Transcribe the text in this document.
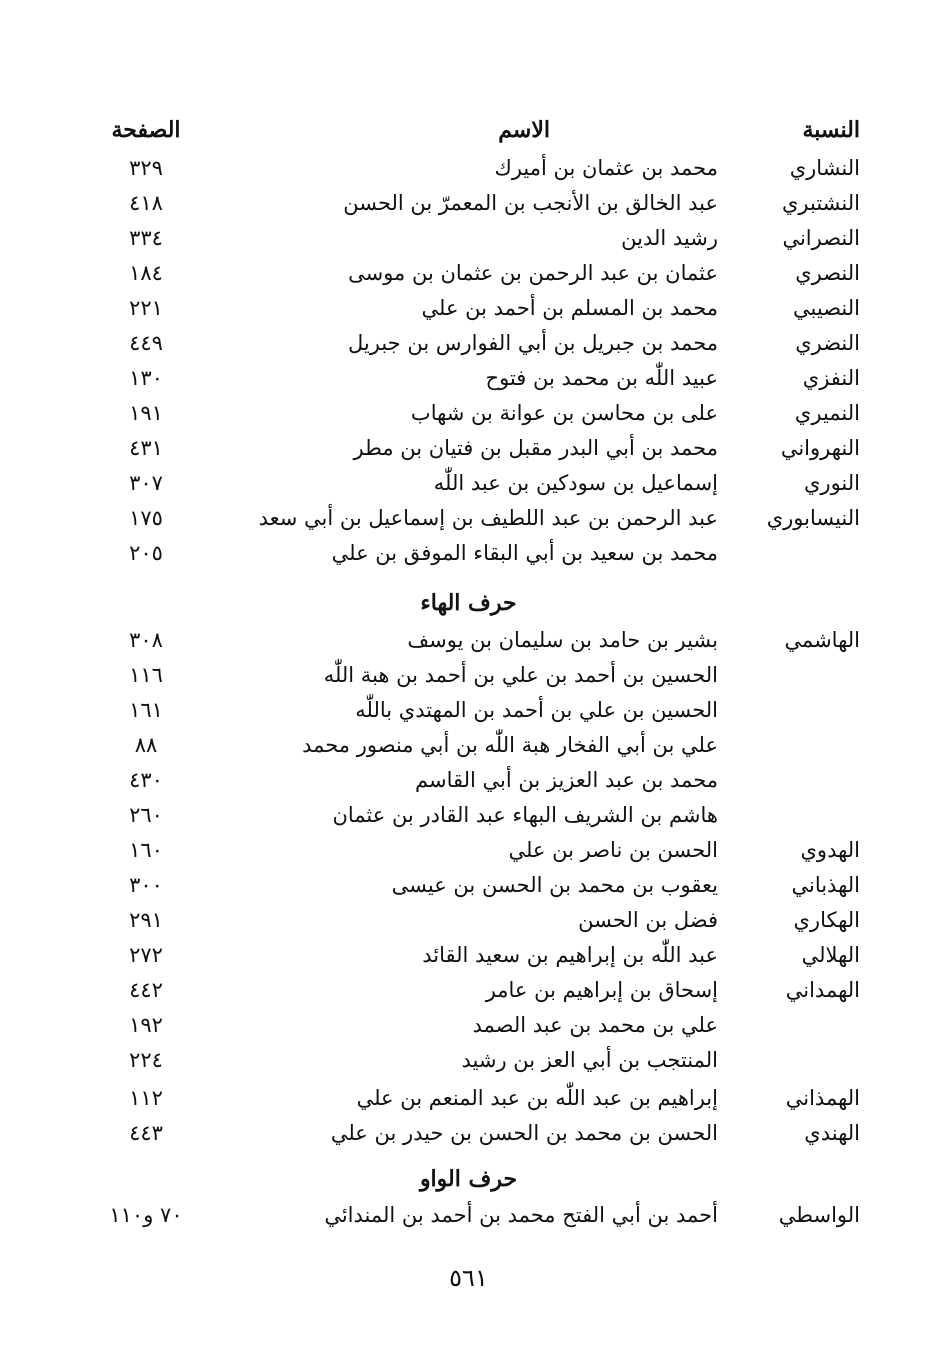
النسبة
الاسم
الصفحة
النشاري
محمد بن عثمان بن أميرك
٣٢٩
النشتبري
عبد الخالق بن الأنجب بن المعمرّ بن الحسن
٤١٨
النصراني
رشيد الدين
٣٣٤
النصري
عثمان بن عبد الرحمن بن عثمان بن موسى
١٨٤
النصيبي
محمد بن المسلم بن أحمد بن علي
٢٢١
النضري
محمد بن جبريل بن أبي الفوارس بن جبريل
٤٤٩
النفزي
عبيد اللّٰه بن محمد بن فتوح
١٣٠
النميري
على بن محاسن بن عوانة بن شهاب
١٩١
النهرواني
محمد بن أبي البدر مقبل بن فتيان بن مطر
٤٣١
النوري
إسماعيل بن سودكين بن عبد اللّٰه
٣٠٧
النيسابوري
عبد الرحمن بن عبد اللطيف بن إسماعيل بن أبي سعد
١٧٥
محمد بن سعيد بن أبي البقاء الموفق بن علي
٢٠٥
حرف الهاء
الهاشمي
بشير بن حامد بن سليمان بن يوسف
٣٠٨
الحسين بن أحمد بن علي بن أحمد بن هبة اللّٰه
١١٦
الحسين بن علي بن أحمد بن المهتدي باللّٰه
١٦١
علي بن أبي الفخار هبة اللّٰه بن أبي منصور محمد
٨٨
محمد بن عبد العزيز بن أبي القاسم
٤٣٠
هاشم بن الشريف البهاء عبد القادر بن عثمان
٢٦٠
الهدوي
الحسن بن ناصر بن علي
١٦٠
الهذباني
يعقوب بن محمد بن الحسن بن عيسى
٣٠٠
الهكاري
فضل بن الحسن
٢٩١
الهلالي
عبد اللّٰه بن إبراهيم بن سعيد القائد
٢٧٢
الهمداني
إسحاق بن إبراهيم بن عامر
٤٤٢
علي بن محمد بن عبد الصمد
١٩٢
المنتجب بن أبي العز بن رشيد
٢٢٤
الهمذاني
إبراهيم بن عبد اللّٰه بن عبد المنعم بن علي
١١٢
الهندي
الحسن بن محمد بن الحسن بن حيدر بن علي
٤٤٣
حرف الواو
الواسطي
أحمد بن أبي الفتح محمد بن أحمد بن المندائي
٧٠ و١١٠
٥٦١
